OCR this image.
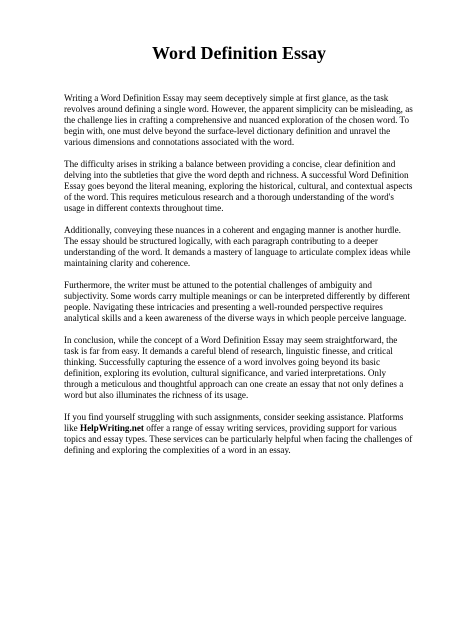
Word Definition Essay

Writing a Word Definition Essay may seem deceptively simple at first glance, as the task revolves around defining a single word. However, the apparent simplicity can be misleading, as the challenge lies in crafting a comprehensive and nuanced exploration of the chosen word. To begin with, one must delve beyond the surface-level dictionary definition and unravel the various dimensions and connotations associated with the word.

The difficulty arises in striking a balance between providing a concise, clear definition and delving into the subtleties that give the word depth and richness. A successful Word Definition Essay goes beyond the literal meaning, exploring the historical, cultural, and contextual aspects of the word. This requires meticulous research and a thorough understanding of the word's usage in different contexts throughout time.

Additionally, conveying these nuances in a coherent and engaging manner is another hurdle. The essay should be structured logically, with each paragraph contributing to a deeper understanding of the word. It demands a mastery of language to articulate complex ideas while maintaining clarity and coherence.

Furthermore, the writer must be attuned to the potential challenges of ambiguity and subjectivity. Some words carry multiple meanings or can be interpreted differently by different people. Navigating these intricacies and presenting a well-rounded perspective requires analytical skills and a keen awareness of the diverse ways in which people perceive language.

In conclusion, while the concept of a Word Definition Essay may seem straightforward, the task is far from easy. It demands a careful blend of research, linguistic finesse, and critical thinking. Successfully capturing the essence of a word involves going beyond its basic definition, exploring its evolution, cultural significance, and varied interpretations. Only through a meticulous and thoughtful approach can one create an essay that not only defines a word but also illuminates the richness of its usage.

If you find yourself struggling with such assignments, consider seeking assistance. Platforms like HelpWriting.net offer a range of essay writing services, providing support for various topics and essay types. These services can be particularly helpful when facing the challenges of defining and exploring the complexities of a word in an essay.
